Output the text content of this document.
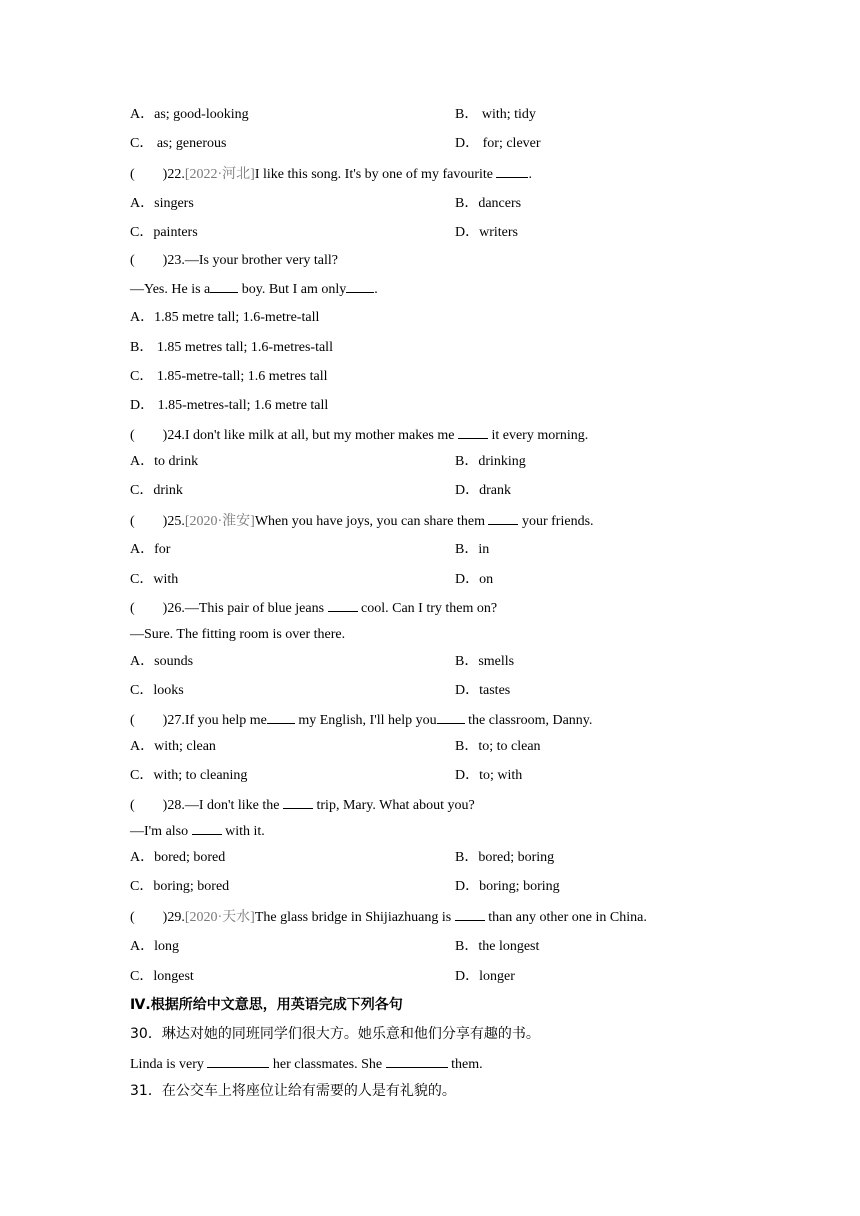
A．as; good-looking	B． with; tidy
C． as; generous	D． for; clever
(        )22.[2022·河北]I like this song. It's by one of my favourite .
A．singers	B．dancers
C．painters	D．writers
(        )23.—Is your brother very tall?
—Yes. He is a boy. But I am only .
A．1.85 metre tall; 1.6-metre-tall
B． 1.85 metres tall; 1.6-metres-tall
C． 1.85-metre-tall; 1.6 metres tall
D． 1.85-metres-tall; 1.6 metre tall
(        )24.I don't like milk at all, but my mother makes me  it every morning.
A．to drink	B．drinking
C．drink	D．drank
(        )25.[2020·淮安]When you have joys, you can share them  your friends.
A．for	B．in
C．with	D．on
(        )26.—This pair of blue jeans  cool. Can I try them on?
—Sure. The fitting room is over there.
A．sounds	B．smells
C．looks	D．tastes
(        )27.If you help me my English, I'll help you the classroom, Danny.
A．with; clean	B．to; to clean
C．with; to cleaning	D．to; with
(        )28.—I don't like the  trip, Mary. What about you?
—I'm also  with it.
A．bored; bored	B．bored; boring
C．boring; bored	D．boring; boring
(        )29.[2020·天水]The glass bridge in Shijiazhuang is  than any other one in China.
A．long	B．the longest
C．longest	D．longer
Ⅳ.根据所给中文意思，用英语完成下列各句
30．琳达对她的同班同学们很大方。她乐意和他们分享有趣的书。
Linda is very	her classmates. She	them.
31．在公交车上将座位让给有需要的人是有礼貌的。
